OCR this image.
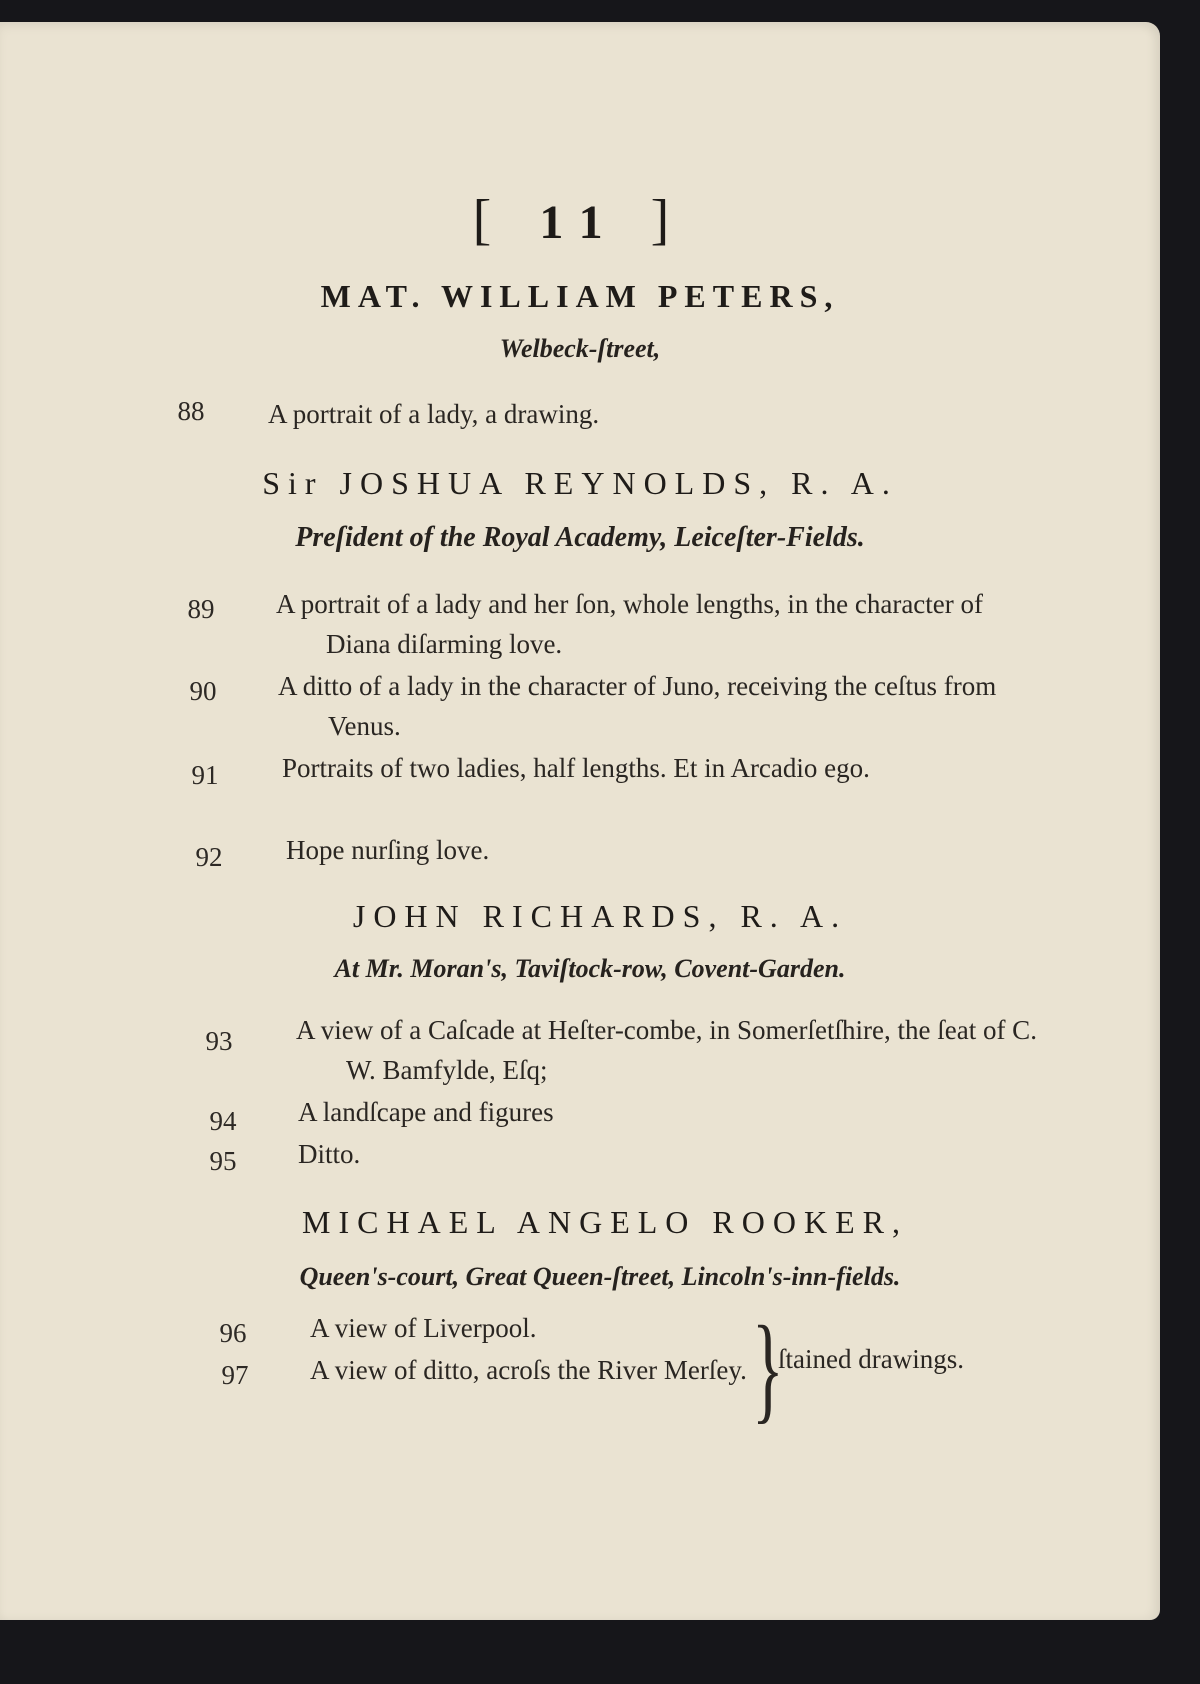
[ 11 ]
MAT. WILLIAM PETERS,
Welbeck-ſtreet,
88	A portrait of a lady, a drawing.
Sir JOSHUA REYNOLDS, R. A.
Preſident of the Royal Academy, Leiceſter-Fields.
89	A portrait of a lady and her ſon, whole lengths, in the character of Diana diſarming love.
90	A ditto of a lady in the character of Juno, receiving the ceſtus from Venus.
91	Portraits of two ladies, half lengths. Et in Arcadio ego.
92	Hope nurſing love.
JOHN RICHARDS, R. A.
At Mr. Moran's, Taviſtock-row, Covent-Garden.
93	A view of a Caſcade at Heſter-combe, in Somerſetſhire, the ſeat of C. W. Bamfylde, Eſq;
94	A landſcape and figures
95	Ditto.
MICHAEL ANGELO ROOKER,
Queen's-court, Great Queen-ſtreet, Lincoln's-inn-fields.
96	A view of Liverpool.
97	A view of ditto, acroſs the River Merſey. }
ſtained drawings.
